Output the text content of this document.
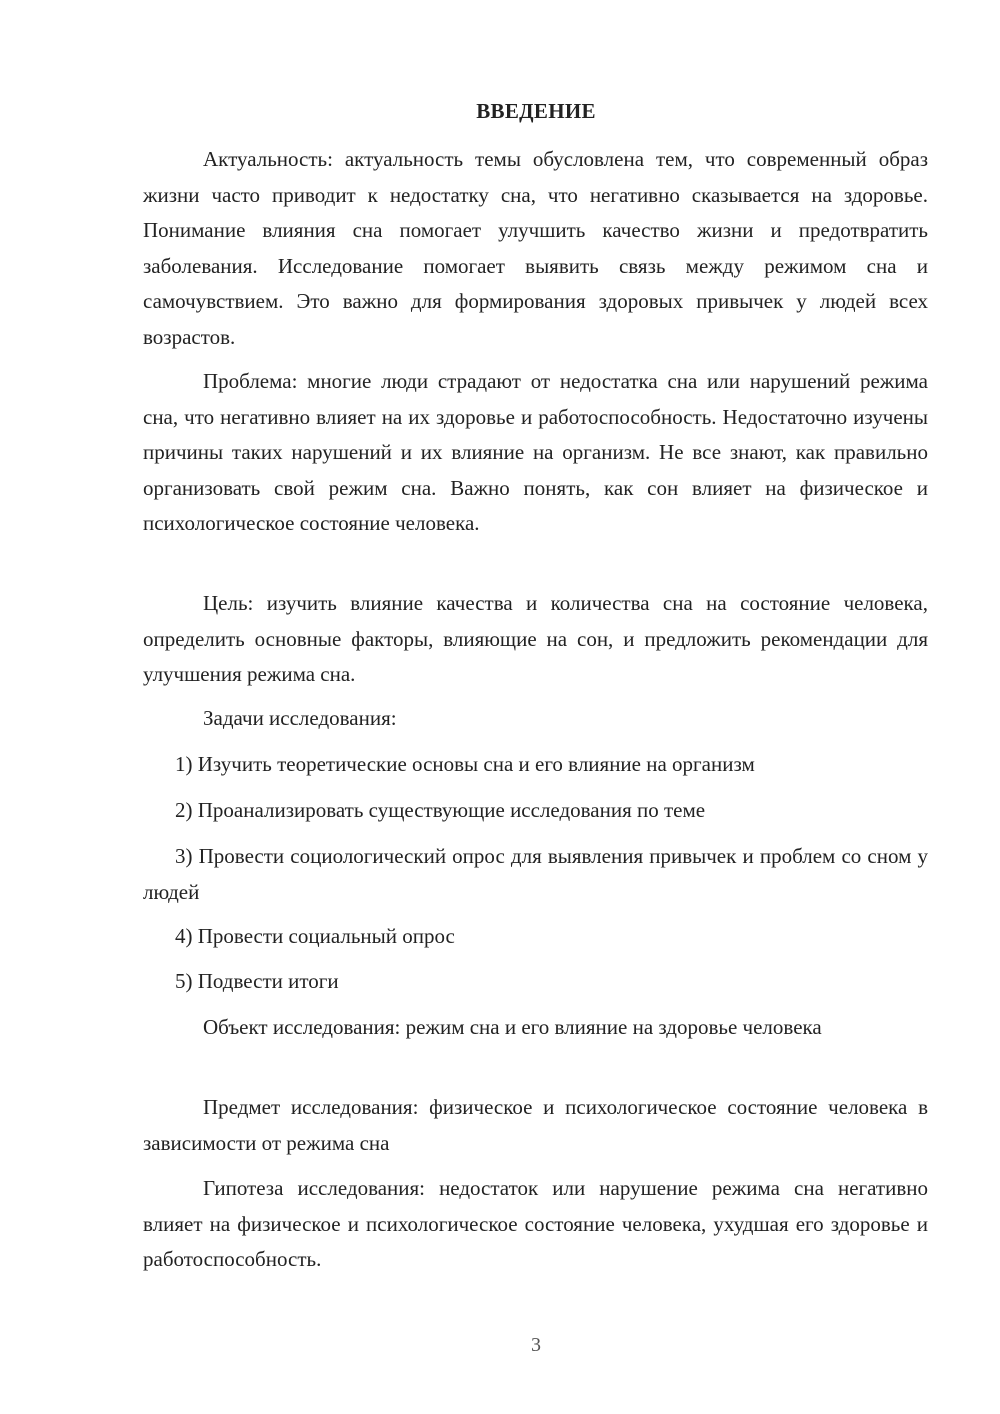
ВВЕДЕНИЕ

Актуальность: актуальность темы обусловлена тем, что современный образ жизни часто приводит к недостатку сна, что негативно сказывается на здоровье. Понимание влияния сна помогает улучшить качество жизни и предотвратить заболевания. Исследование помогает выявить связь между режимом сна и самочувствием. Это важно для формирования здоровых привычек у людей всех возрастов.

Проблема: многие люди страдают от недостатка сна или нарушений режима сна, что негативно влияет на их здоровье и работоспособность. Недостаточно изучены причины таких нарушений и их влияние на организм. Не все знают, как правильно организовать свой режим сна. Важно понять, как сон влияет на физическое и психологическое состояние человека.

Цель: изучить влияние качества и количества сна на состояние человека, определить основные факторы, влияющие на сон, и предложить рекомендации для улучшения режима сна.

Задачи исследования:

1) Изучить теоретические основы сна и его влияние на организм

2) Проанализировать существующие исследования по теме

3) Провести социологический опрос для выявления привычек и проблем со сном у людей

4) Провести социальный опрос

5) Подвести итоги

Объект исследования: режим сна и его влияние на здоровье человека

Предмет исследования: физическое и психологическое состояние человека в зависимости от режима сна

Гипотеза исследования: недостаток или нарушение режима сна негативно влияет на физическое и психологическое состояние человека, ухудшая его здоровье и работоспособность.

3
